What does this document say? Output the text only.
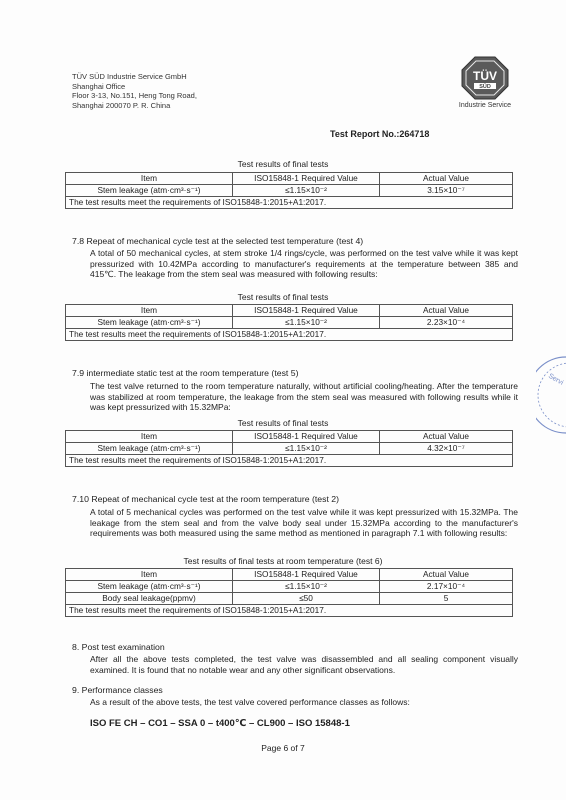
TÜV SÜD Industrie Service GmbH
Shanghai Office
Floor 3-13, No.151, Heng Tong Road,
Shanghai 200070 P. R. China
TÜV
SÜD
Industrie Service
Test Report No.:264718
Test results of final tests
Item	ISO15848-1 Required Value	Actual Value
Stem leakage (atm·cm³·s⁻¹)	≤1.15×10⁻²	3.15×10⁻⁷
The test results meet the requirements of ISO15848-1:2015+A1:2017.		
7.8 Repeat of mechanical cycle test at the selected test temperature (test 4)
A total of 50 mechanical cycles, at stem stroke 1/4 rings/cycle, was performed on the test valve while it was kept pressurized with 10.42MPa according to manufacturer's requirements at the temperature between 385 and 415℃. The leakage from the stem seal was measured with following results:
Test results of final tests
Item	ISO15848-1 Required Value	Actual Value
Stem leakage (atm·cm³·s⁻¹)	≤1.15×10⁻²	2.23×10⁻⁴
The test results meet the requirements of ISO15848-1:2015+A1:2017.		
7.9 intermediate static test at the room temperature (test 5)
The test valve returned to the room temperature naturally, without artificial cooling/heating. After the temperature was stabilized at room temperature, the leakage from the stem seal was measured with following results while it was kept pressurized with 15.32MPa:
Test results of final tests
Item	ISO15848-1 Required Value	Actual Value
Stem leakage (atm·cm³·s⁻¹)	≤1.15×10⁻²	4.32×10⁻⁷
The test results meet the requirements of ISO15848-1:2015+A1:2017.		
7.10 Repeat of mechanical cycle test at the room temperature (test 2)
A total of 5 mechanical cycles was performed on the test valve while it was kept pressurized with 15.32MPa. The leakage from the stem seal and from the valve body seal under 15.32MPa according to the manufacturer's requirements was both measured using the same method as mentioned in paragraph 7.1 with following results:
Test results of final tests at room temperature (test 6)
Item	ISO15848-1 Required Value	Actual Value
Stem leakage (atm·cm³·s⁻¹)	≤1.15×10⁻²	2.17×10⁻⁴
Body seal leakage(ppmv)	≤50	5
The test results meet the requirements of ISO15848-1:2015+A1:2017.		
8. Post test examination
After all the above tests completed, the test valve was disassembled and all sealing component visually examined. It is found that no notable wear and any other significant observations.
9. Performance classes
As a result of the above tests, the test valve covered performance classes as follows:
ISO FE CH – CO1 – SSA 0 – t400℃ – CL900 – ISO 15848-1
Page 6 of 7
Servi
